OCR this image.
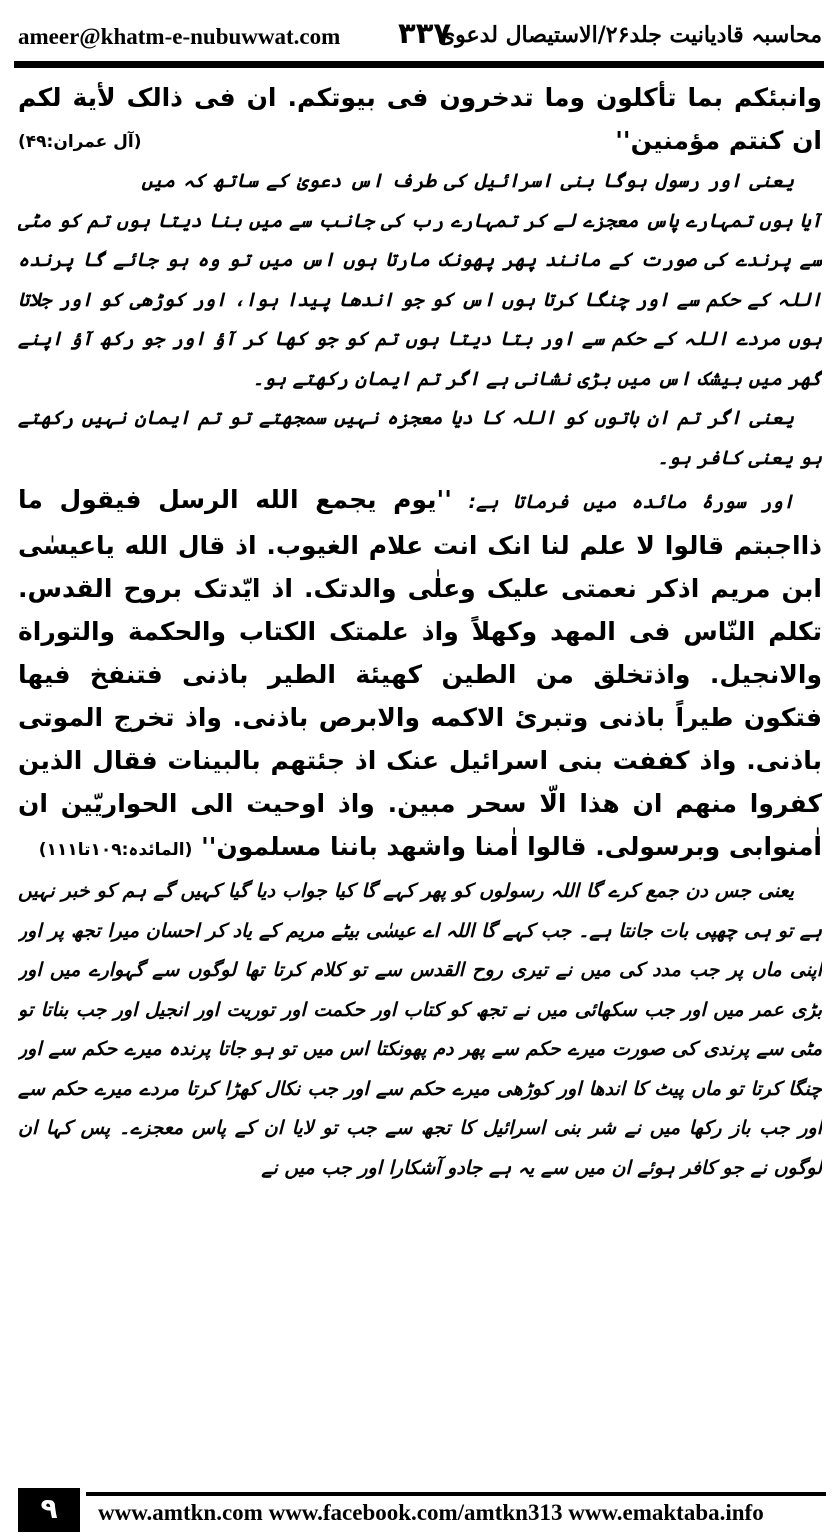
ameer@khatm-e-nubuwwat.com ۳۳۷
محاسبہ قادیانیت جلد۲۶/الاستیصال لدعوی

وانبئکم بما تأکلون وما تدخرون فی بیوتکم. ان فی ذالک لأیة لکم ان کنتم مؤمنین''
(آل عمران:۴۹)

یعنی اور رسول ہوگا بنی اسرائیل کی طرف اس دعویٰ کے ساتھ کہ میں آیا ہوں تمہارے پاس معجزے لے کر تمہارے رب کی جانب سے میں بنا دیتا ہوں تم کو مٹی سے پرندے کی صورت کے مانند پھر پھونک مارتا ہوں اس میں تو وہ ہو جائے گا پرندہ اللہ کے حکم سے اور چنگا کرتا ہوں اس کو جو اندھا پیدا ہوا، اور کوڑھی کو اور جلاتا ہوں مردے اللہ کے حکم سے اور بتا دیتا ہوں تم کو جو کھا کر آؤ اور جو رکھ آؤ اپنے گھر میں بیشک اس میں بڑی نشانی ہے اگر تم ایمان رکھتے ہو۔

یعنی اگر تم ان باتوں کو اللہ کا دیا معجزہ نہیں سمجھتے تو تم ایمان نہیں رکھتے ہو یعنی کافر ہو۔

اور سورۂ مائدہ میں فرماتا ہے: ''یوم یجمع الله الرسل فیقول ما ذااجبتم قالوا لا علم لنا انک انت علام الغیوب. اذ قال الله یاعیسٰی ابن مریم اذکر نعمتی علیک وعلٰی والدتک. اذ ایّدتک بروح القدس. تکلم النّاس فی المهد وکهلاً واذ علمتک الکتاب والحکمة والتوراة والانجیل. واذتخلق من الطین کهیئة الطیر باذنی فتنفخ فیها فتکون طیراً باذنی وتبرئ الاکمه والابرص باذنی. واذ تخرج الموتی باذنی. واذ کففت بنی اسرائیل عنک اذ جئتهم بالبینات فقال الذین کفروا منهم ان هذا الّا سحر مبین. واذ اوحیت الی الحواریّین ان اٰمنوابی وبرسولی. قالوا اٰمنا واشهد باننا مسلمون'' (المائدہ:۱۰۹تا۱۱۱)

یعنی جس دن جمع کرے گا اللہ رسولوں کو پھر کہے گا کیا جواب دیا گیا کہیں گے ہم کو خبر نہیں ہے تو ہی چھپی بات جانتا ہے۔ جب کہے گا اللہ اے عیسٰی بیٹے مریم کے یاد کر احسان میرا تجھ پر اور اپنی ماں پر جب مدد کی میں نے تیری روح القدس سے تو کلام کرتا تھا لوگوں سے گہوارے میں اور بڑی عمر میں اور جب سکھائی میں نے تجھ کو کتاب اور حکمت اور توریت اور انجیل اور جب بناتا تو مٹی سے پرندی کی صورت میرے حکم سے پھر دم پھونکتا اس میں تو ہو جاتا پرندہ میرے حکم سے اور چنگا کرتا تو ماں پیٹ کا اندھا اور کوڑھی میرے حکم سے اور جب نکال کھڑا کرتا مردے میرے حکم سے اور جب باز رکھا میں نے شر بنی اسرائیل کا تجھ سے جب تو لایا ان کے پاس معجزے۔ پس کہا ان لوگوں نے جو کافر ہوئے ان میں سے یہ ہے جادو آشکارا اور جب میں نے

۹	www.amtkn.com www.facebook.com/amtkn313 www.emaktaba.info
